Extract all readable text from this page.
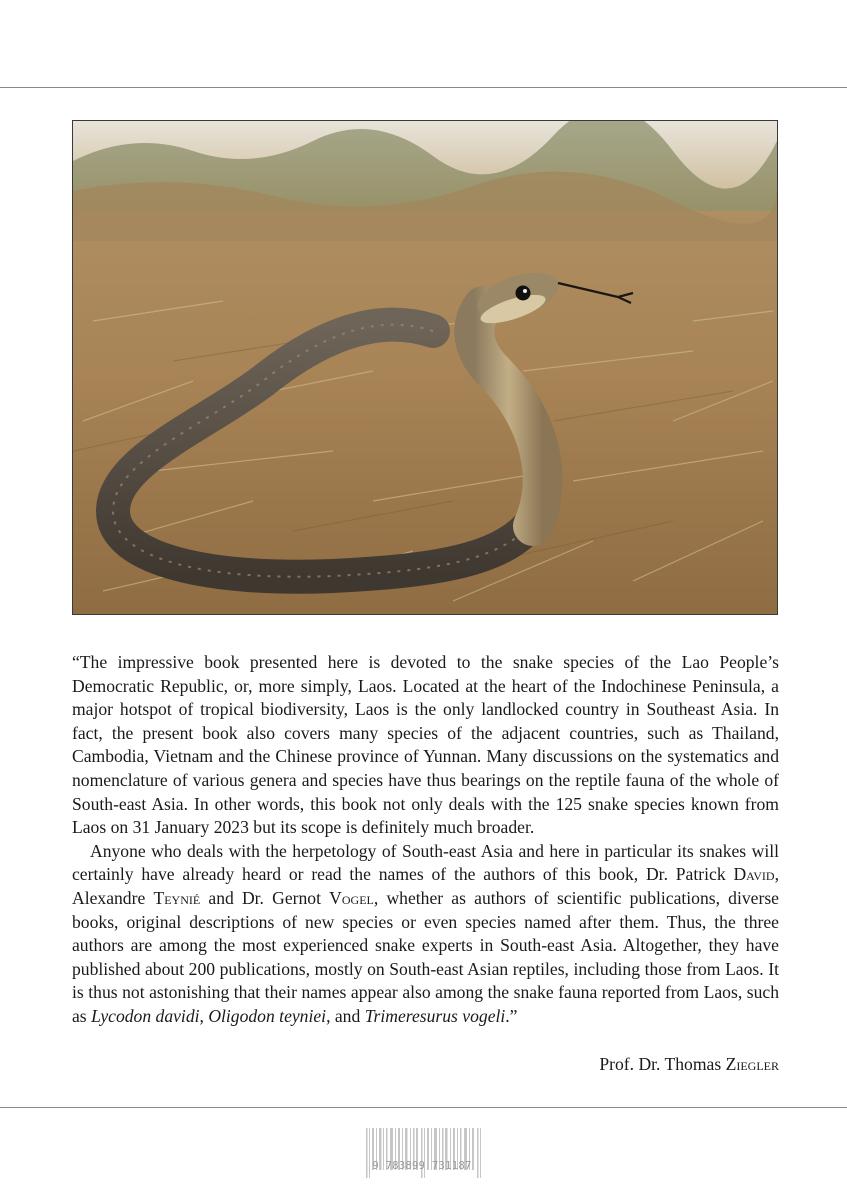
“The impressive book presented here is devoted to the snake species of the Lao People’s Democratic Republic, or, more simply, Laos. Located at the heart of the Indochinese Peninsula, a major hotspot of tropical biodiversity, Laos is the only landlocked country in Southeast Asia. In fact, the present book also covers many species of the adjacent countries, such as Thailand, Cambodia, Vietnam and the Chinese province of Yunnan. Many discussions on the systematics and nomenclature of various genera and species have thus bearings on the reptile fauna of the whole of South-east Asia. In other words, this book not only deals with the 125 snake species known from Laos on 31 January 2023 but its scope is definitely much broader.

Anyone who deals with the herpetology of South-east Asia and here in particular its snakes will certainly have already heard or read the names of the authors of this book, Dr. Patrick David, Alexandre Teynié and Dr. Gernot Vogel, whether as authors of scientific publications, diverse books, original descriptions of new species or even species named after them. Thus, the three authors are among the most experienced snake experts in South-east Asia. Altogether, they have published about 200 publications, mostly on South-east Asian reptiles, including those from Laos. It is thus not astonishing that their names appear also among the snake fauna reported from Laos, such as Lycodon davidi, Oligodon teyniei, and Trimeresurus vogeli.”

Prof. Dr. Thomas Ziegler
9 783899 731187
